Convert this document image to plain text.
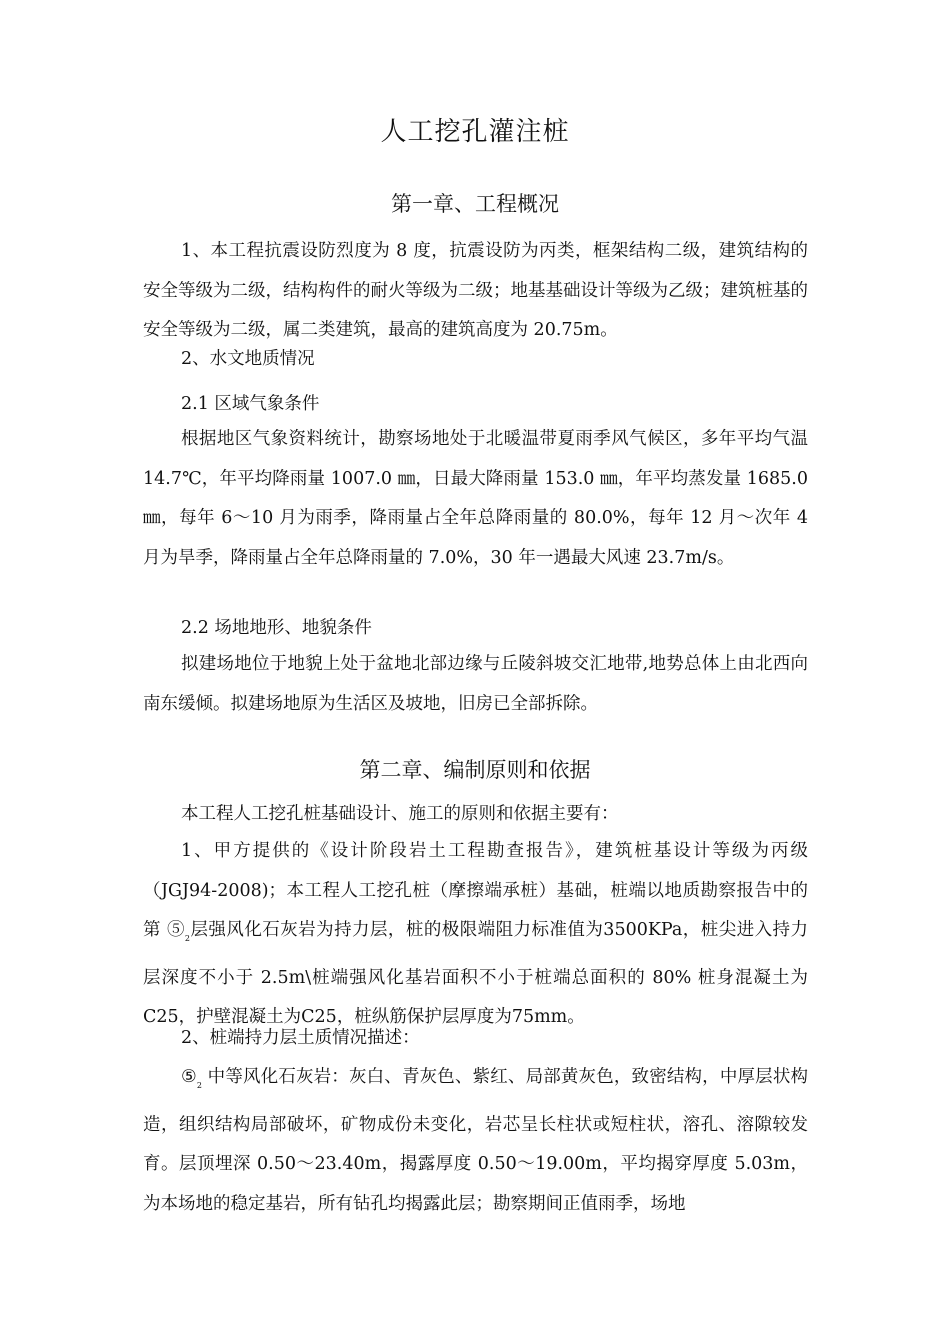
人工挖孔灌注桩
第一章、工程概况

1、本工程抗震设防烈度为 8 度，抗震设防为丙类，框架结构二级，建筑结构的安全等级为二级，结构构件的耐火等级为二级；地基基础设计等级为乙级；建筑桩基的安全等级为二级，属二类建筑，最高的建筑高度为 20.75m。

2、水文地质情况

2.1 区域气象条件

根据地区气象资料统计，勘察场地处于北暖温带夏雨季风气候区，多年平均气温 14.7℃，年平均降雨量 1007.0 ㎜，日最大降雨量 153.0 ㎜，年平均蒸发量 1685.0 ㎜，每年 6～10 月为雨季，降雨量占全年总降雨量的 80.0%，每年 12 月～次年 4 月为旱季，降雨量占全年总降雨量的 7.0%，30 年一遇最大风速 23.7m/s。

2.2 场地地形、地貌条件

拟建场地位于地貌上处于盆地北部边缘与丘陵斜坡交汇地带,地势总体上由北西向南东缓倾。拟建场地原为生活区及坡地，旧房已全部拆除。

第二章、编制原则和依据

本工程人工挖孔桩基础设计、施工的原则和依据主要有：

1、甲方提供的《设计阶段岩土工程勘查报告》，建筑桩基设计等级为丙级（JGJ94-2008)；本工程人工挖孔桩（摩擦端承桩）基础，桩端以地质勘察报告中的第 $⑤_2$层强风化石灰岩为持力层，桩的极限端阻力标准值为3500KPa，桩尖进入持力层深度不小于 2.5m\桩端强风化基岩面积不小于桩端总面积的 80% 桩身混凝土为C25，护壁混凝土为C25，桩纵筋保护层厚度为75mm。

2、桩端持力层土质情况描述：

$⑤_2$ 中等风化石灰岩：灰白、青灰色、紫红、局部黄灰色，致密结构，中厚层状构造，组织结构局部破坏，矿物成份未变化，岩芯呈长柱状或短柱状，溶孔、溶隙较发育。层顶埋深 0.50～23.40m，揭露厚度 0.50～19.00m，平均揭穿厚度 5.03m，为本场地的稳定基岩，所有钻孔均揭露此层；勘察期间正值雨季，场地
